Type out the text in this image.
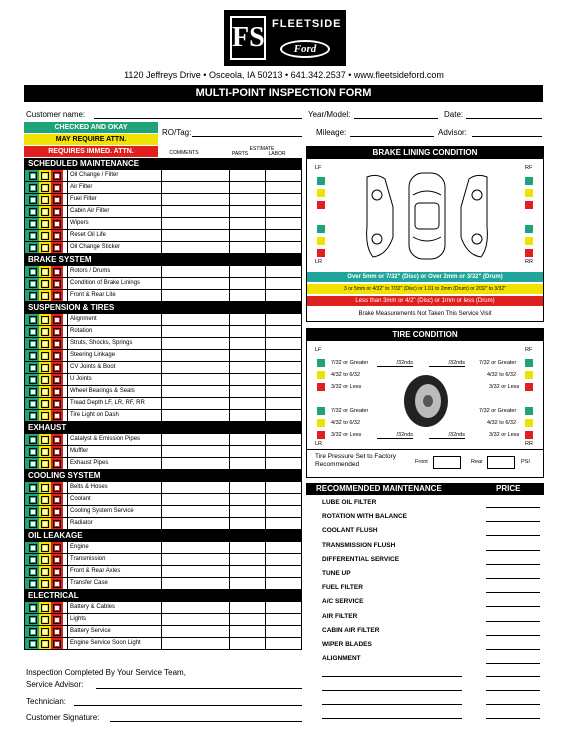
FS FLEETSIDE
Ford
1120 Jeffreys Drive • Osceola, IA 50213 • 641.342.2537 • www.fleetsideford.com
MULTI-POINT INSPECTION FORM
Customer name:	Year/Model:	Date:
CHECKED AND OKAY
MAY REQUIRE ATTN.
REQUIRES IMMED. ATTN.
RO/Tag:	Mileage:	Advisor:
COMMENTS
ESTIMATE
PARTS	LABOR
SCHEDULED MAINTENANCE
Oil Change / Filter
Air Filter
Fuel Filter
Cabin Air Filter
Wipers
Reset Oil Life
Oil Change Sticker
BRAKE SYSTEM
Rotors / Drums
Condition of Brake Linings
Front & Rear Lite
SUSPENSION & TIRES
Alignment
Rotation
Struts, Shocks, Springs
Steering Linkage
CV Joints & Boot
U Joints
Wheel Bearings & Seals
Tread Depth LF, LR, RF, RR
Tire Light on Dash
EXHAUST
Catalyst & Emission Pipes
Muffler
Exhaust Pipes
COOLING SYSTEM
Belts & Hoses
Coolant
Cooling System Service
Radiator
OIL LEAKAGE
Engine
Transmission
Front & Rear Axles
Transfer Case
ELECTRICAL
Battery & Cables
Lights
Battery Service
Engine Service Soon Light
BRAKE LINING CONDITION
LF	RF
LR	RR
Over 5mm or 7/32" (Disc) or Over 2mm or 3/32" (Drum)
3 or 5mm or 4/32" to 7/32" (Disc) or 1.01 to 2mm (Drum) or 2/32" to 3/32"
Less than 3mm or 4/2" (Disc) or 1mm or less (Drum)
Brake Measurements Not Taken This Service Visit
TIRE CONDITION
LF	RF
LR	RR
7/32 or Greater
4/32 to 6/32
3/32 or Less
/32nds	/32nds	7/32 or Greater
4/32 to 6/32
3/32 or Less
7/32 or Greater
4/32 to 6/32
3/32 or Less	/32nds	/32nds
7/32 or Greater
4/32 to 6/32
3/32 or Less
Tire Pressure Set to Factory Recommended	Front	Rear	PSI
RECOMMENDED MAINTENANCE	PRICE
LUBE OIL FILTER
ROTATION WITH BALANCE
COOLANT FLUSH
TRANSMISSION FLUSH
DIFFERENTIAL SERVICE
TUNE UP
FUEL FILTER
A/C SERVICE
AIR FILTER
CABIN AIR FILTER
WIPER BLADES
ALIGNMENT
Inspection Completed By Your Service Team,
Service Advisor:
Technician:
Customer Signature:
